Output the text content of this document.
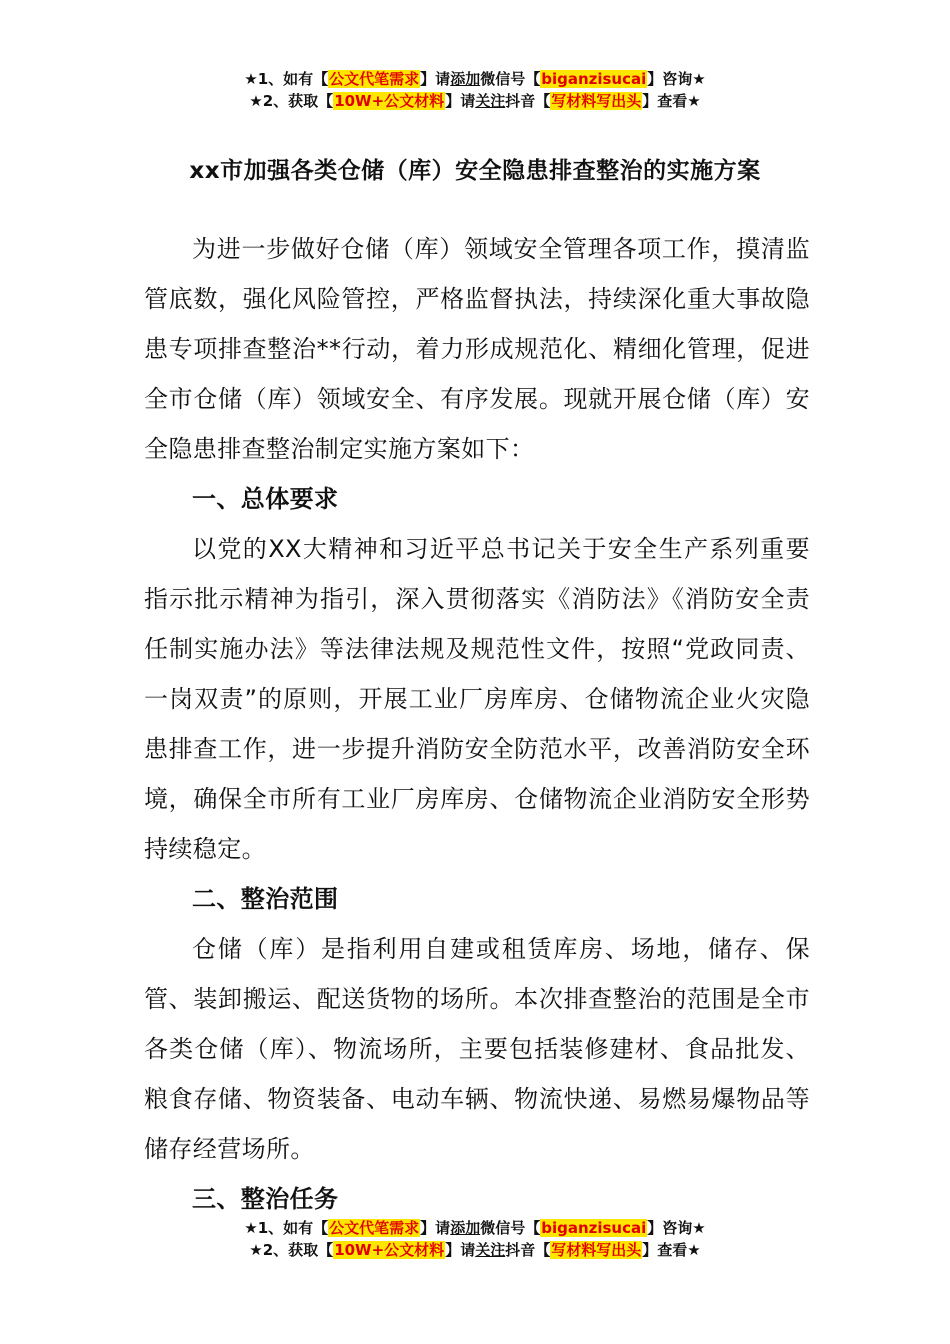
★1、如有【公文代笔需求】请添加微信号【biganzisucai】咨询★
★2、获取【10W+公文材料】请关注抖音【写材料写出头】查看★
xx市加强各类仓储（库）安全隐患排查整治的实施方案

为进一步做好仓储（库）领域安全管理各项工作，摸清监管底数，强化风险管控，严格监督执法，持续深化重大事故隐患专项排查整治**行动，着力形成规范化、精细化管理，促进全市仓储（库）领域安全、有序发展。现就开展仓储（库）安全隐患排查整治制定实施方案如下：

一、总体要求

以党的XX大精神和习近平总书记关于安全生产系列重要指示批示精神为指引，深入贯彻落实《消防法》《消防安全责任制实施办法》等法律法规及规范性文件，按照“党政同责、一岗双责”的原则，开展工业厂房库房、仓储物流企业火灾隐患排查工作，进一步提升消防安全防范水平，改善消防安全环境，确保全市所有工业厂房库房、仓储物流企业消防安全形势持续稳定。

二、整治范围

仓储（库）是指利用自建或租赁库房、场地，储存、保管、装卸搬运、配送货物的场所。本次排查整治的范围是全市各类仓储（库）、物流场所，主要包括装修建材、食品批发、粮食存储、物资装备、电动车辆、物流快递、易燃易爆物品等储存经营场所。

三、整治任务

★1、如有【公文代笔需求】请添加微信号【biganzisucai】咨询★
★2、获取【10W+公文材料】请关注抖音【写材料写出头】查看★
